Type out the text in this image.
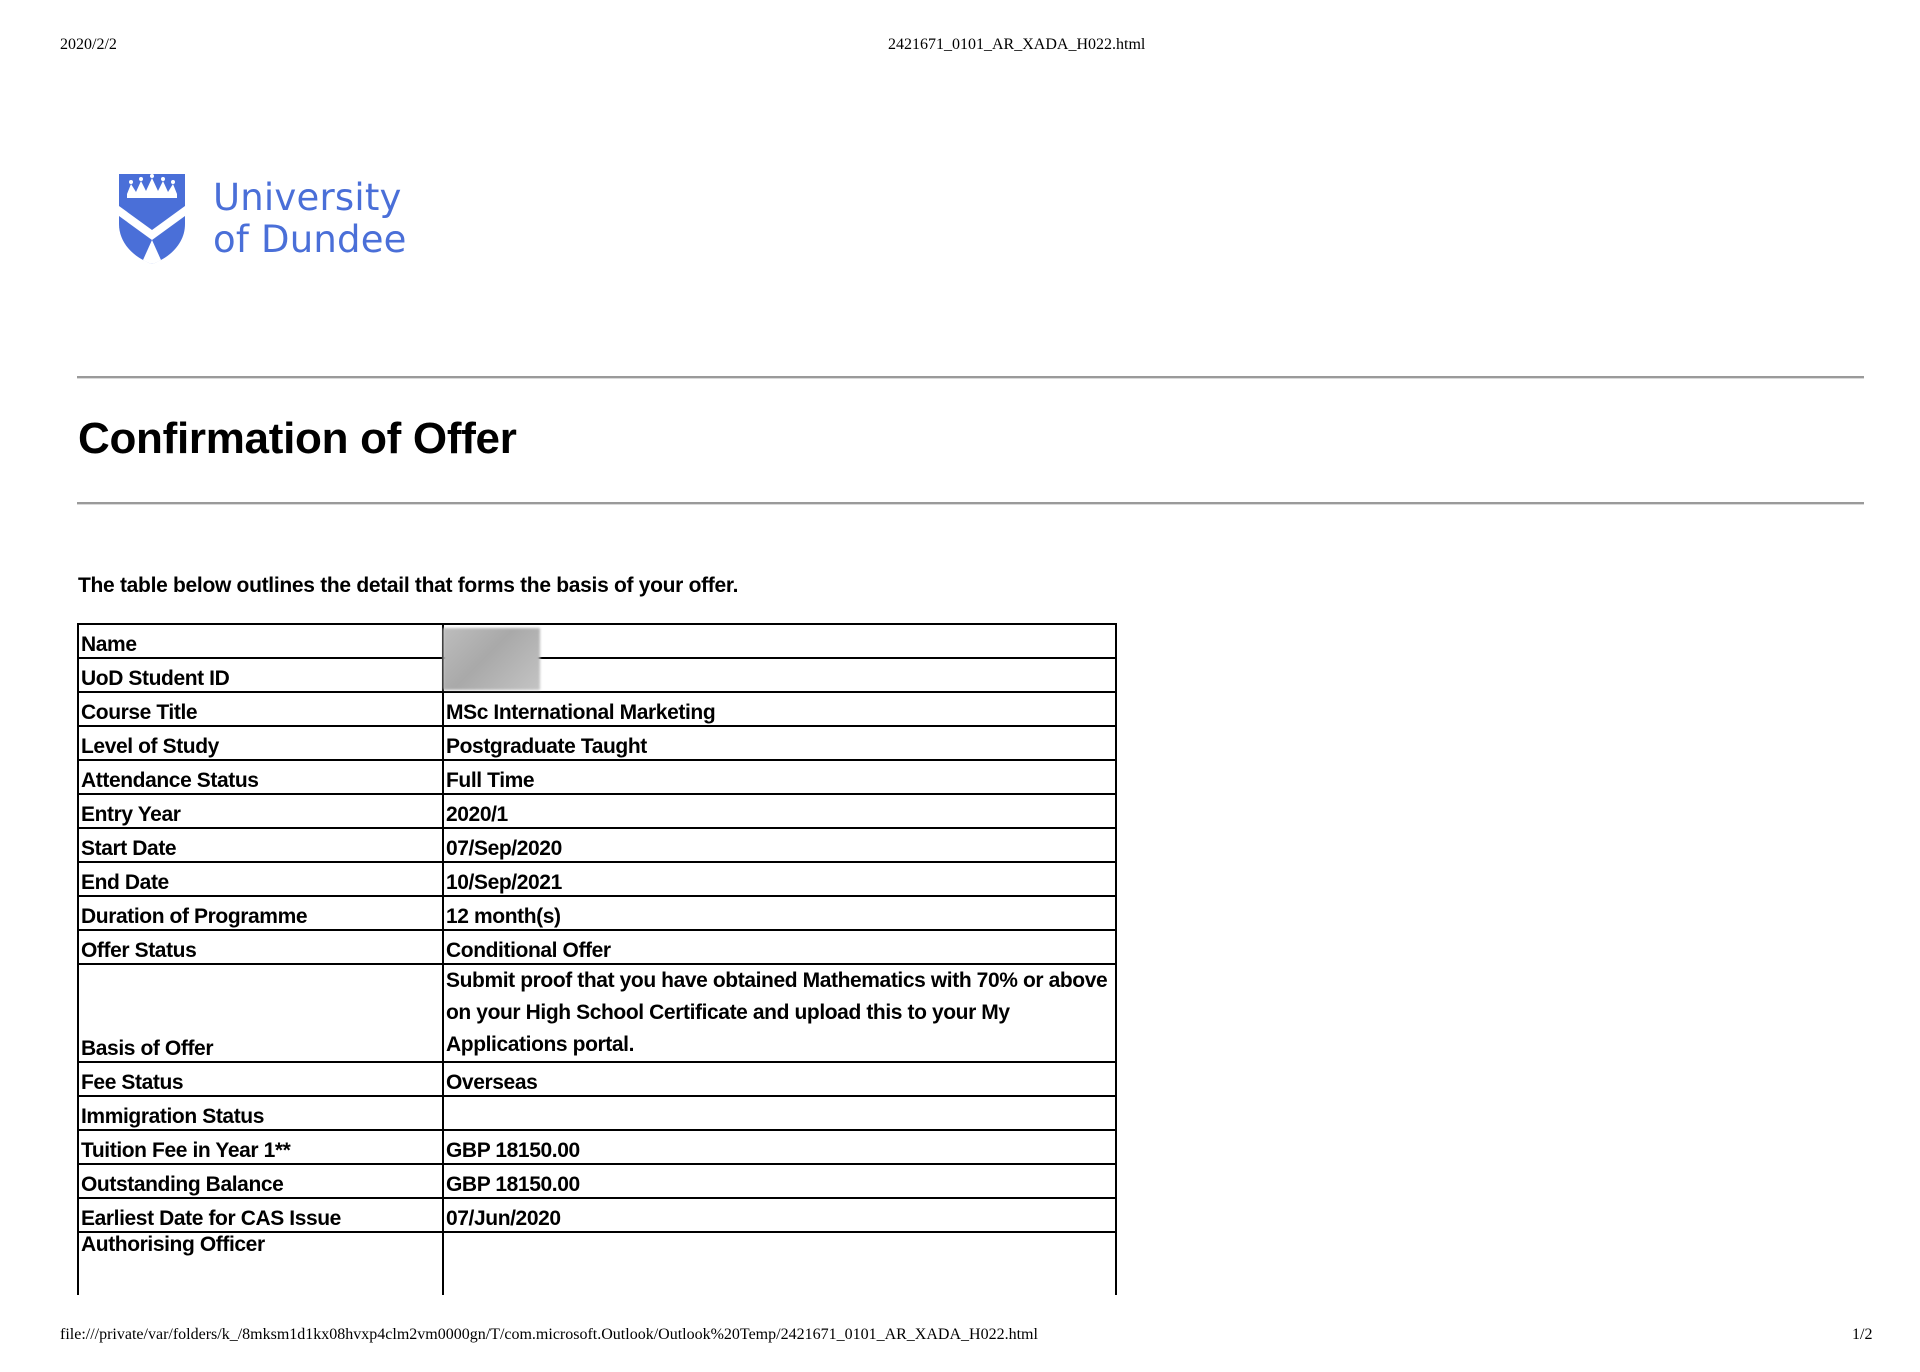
2020/2/2	2421671_0101_AR_XADA_H022.html
University
of Dundee
Confirmation of Offer
The table below outlines the detail that forms the basis of your offer.
Name	
UoD Student ID	
Course Title	MSc International Marketing
Level of Study	Postgraduate Taught
Attendance Status	Full Time
Entry Year	2020/1
Start Date	07/Sep/2020
End Date	10/Sep/2021
Duration of Programme	12 month(s)
Offer Status	Conditional Offer
Basis of Offer	Submit proof that you have obtained Mathematics with 70% or above on your High School Certificate and upload this to your My Applications portal.
Fee Status	Overseas
Immigration Status	
Tuition Fee in Year 1**	GBP 18150.00
Outstanding Balance	GBP 18150.00
Earliest Date for CAS Issue	07/Jun/2020
Authorising Officer	
file:///private/var/folders/k_/8mksm1d1kx08hvxp4clm2vm0000gn/T/com.microsoft.Outlook/Outlook%20Temp/2421671_0101_AR_XADA_H022.html	1/2
